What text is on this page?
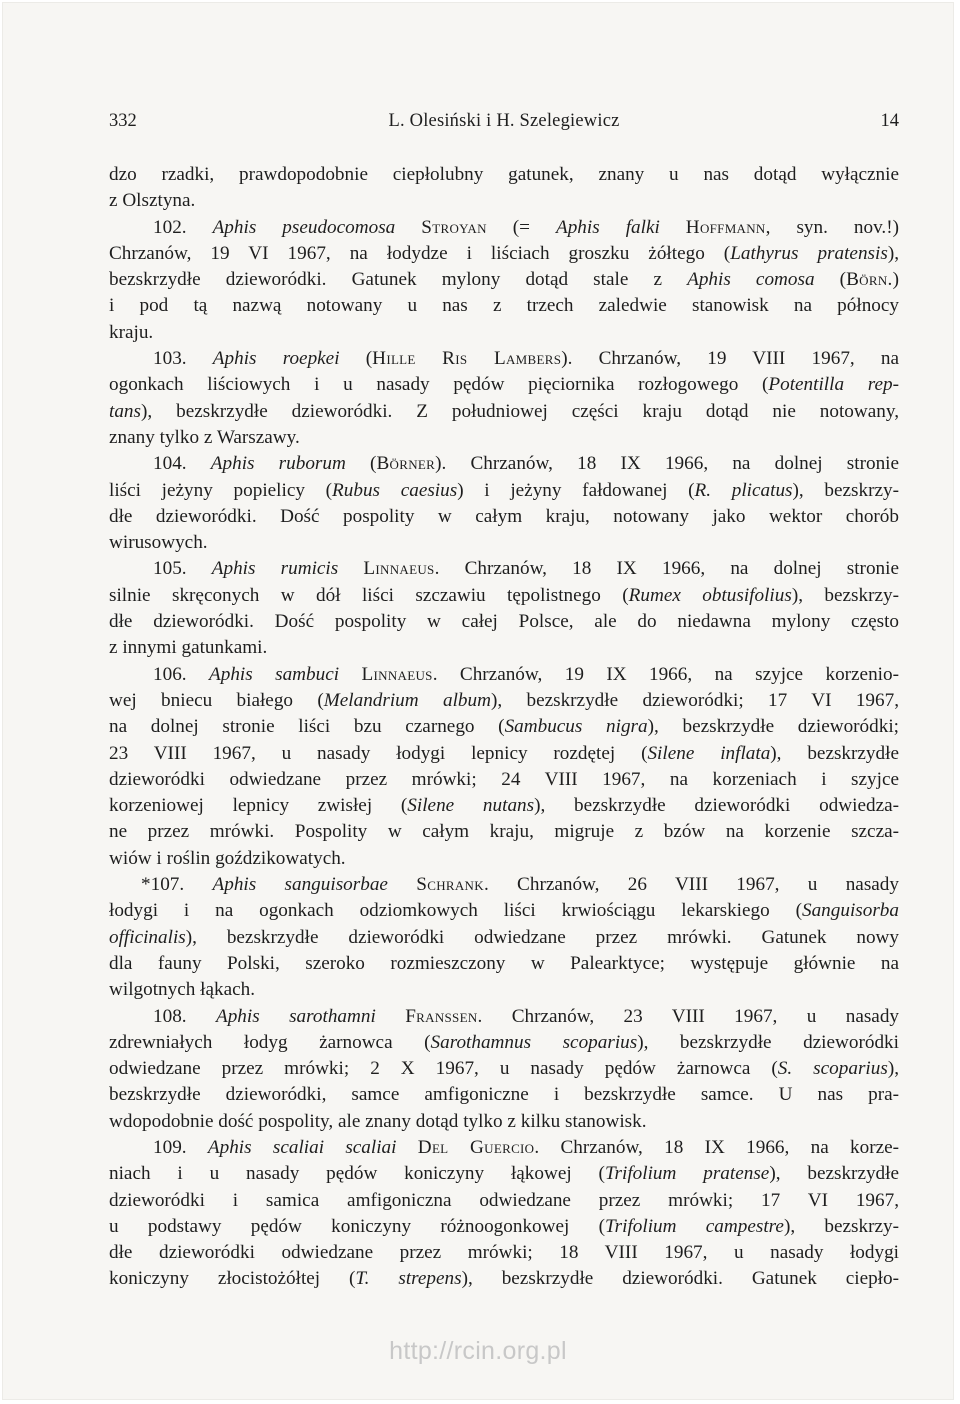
332	L. Olesiński i H. Szelegiewicz	14
dzo rzadki, prawdopodobnie ciepłolubny gatunek, znany u nas dotąd wyłącznie
z Olsztyna.
102. Aphis pseudocomosa Stroyan (= Aphis falki Hoffmann, syn. nov.!)
Chrzanów, 19 VI 1967, na łodydze i liściach groszku żółtego (Lathyrus pratensis),
bezskrzydłe dzieworódki. Gatunek mylony dotąd stale z Aphis comosa (Börn.)
i pod tą nazwą notowany u nas z trzech zaledwie stanowisk na północy
kraju.
103. Aphis roepkei (Hille Ris Lambers). Chrzanów, 19 VIII 1967, na
ogonkach liściowych i u nasady pędów pięciornika rozłogowego (Potentilla rep-
tans), bezskrzydłe dzieworódki. Z południowej części kraju dotąd nie notowany,
znany tylko z Warszawy.
104. Aphis ruborum (Börner). Chrzanów, 18 IX 1966, na dolnej stronie
liści jeżyny popielicy (Rubus caesius) i jeżyny fałdowanej (R. plicatus), bezskrzy-
dłe dzieworódki. Dość pospolity w całym kraju, notowany jako wektor chorób
wirusowych.
105. Aphis rumicis Linnaeus. Chrzanów, 18 IX 1966, na dolnej stronie
silnie skręconych w dół liści szczawiu tępolistnego (Rumex obtusifolius), bezskrzy-
dłe dzieworódki. Dość pospolity w całej Polsce, ale do niedawna mylony często
z innymi gatunkami.
106. Aphis sambuci Linnaeus. Chrzanów, 19 IX 1966, na szyjce korzenio-
wej bniecu białego (Melandrium album), bezskrzydłe dzieworódki; 17 VI 1967,
na dolnej stronie liści bzu czarnego (Sambucus nigra), bezskrzydłe dzieworódki;
23 VIII 1967, u nasady łodygi lepnicy rozdętej (Silene inflata), bezskrzydłe
dzieworódki odwiedzane przez mrówki; 24 VIII 1967, na korzeniach i szyjce
korzeniowej lepnicy zwisłej (Silene nutans), bezskrzydłe dzieworódki odwiedza-
ne przez mrówki. Pospolity w całym kraju, migruje z bzów na korzenie szcza-
wiów i roślin goździkowatych.
*107. Aphis sanguisorbae Schrank. Chrzanów, 26 VIII 1967, u nasady
łodygi i na ogonkach odziomkowych liści krwiościągu lekarskiego (Sanguisorba
officinalis), bezskrzydłe dzieworódki odwiedzane przez mrówki. Gatunek nowy
dla fauny Polski, szeroko rozmieszczony w Palearktyce; występuje głównie na
wilgotnych łąkach.
108. Aphis sarothamni Franssen. Chrzanów, 23 VIII 1967, u nasady
zdrewniałych łodyg żarnowca (Sarothamnus scoparius), bezskrzydłe dzieworódki
odwiedzane przez mrówki; 2 X 1967, u nasady pędów żarnowca (S. scoparius),
bezskrzydłe dzieworódki, samce amfigoniczne i bezskrzydłe samce. U nas pra-
wdopodobnie dość pospolity, ale znany dotąd tylko z kilku stanowisk.
109. Aphis scaliai scaliai Del Guercio. Chrzanów, 18 IX 1966, na korze-
niach i u nasady pędów koniczyny łąkowej (Trifolium pratense), bezskrzydłe
dzieworódki i samica amfigoniczna odwiedzane przez mrówki; 17 VI 1967,
u podstawy pędów koniczyny różnoogonkowej (Trifolium campestre), bezskrzy-
dłe dzieworódki odwiedzane przez mrówki; 18 VIII 1967, u nasady łodygi
koniczyny złocistożółtej (T. strepens), bezskrzydłe dzieworódki. Gatunek ciepło-
http://rcin.org.pl
